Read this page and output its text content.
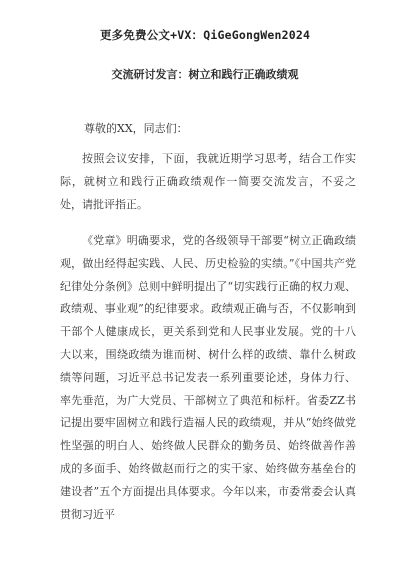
更多免费公文+VX：QiGeGongWen2024
交流研讨发言：树立和践行正确政绩观
尊敬的XX，同志们：
按照会议安排，下面，我就近期学习思考，结合工作实际，就树立和践行正确政绩观作一简要交流发言，不妥之处，请批评指正。
《党章》明确要求，党的各级领导干部要“树立正确政绩观，做出经得起实践、人民、历史检验的实绩。”《中国共产党纪律处分条例》总则中鲜明提出了“切实践行正确的权力观、政绩观、事业观”的纪律要求。政绩观正确与否，不仅影响到干部个人健康成长，更关系到党和人民事业发展。党的十八大以来，围绕政绩为谁而树、树什么样的政绩、靠什么树政绩等问题，习近平总书记发表一系列重要论述，身体力行、率先垂范，为广大党员、干部树立了典范和标杆。省委ZZ书记提出要牢固树立和践行造福人民的政绩观，并从“始终做党性坚强的明白人、始终做人民群众的勤务员、始终做善作善成的多面手、始终做赵而行之的实干家、始终做夯基垒台的建设者”五个方面提出具体要求。今年以来，市委常委会认真贯彻习近平
